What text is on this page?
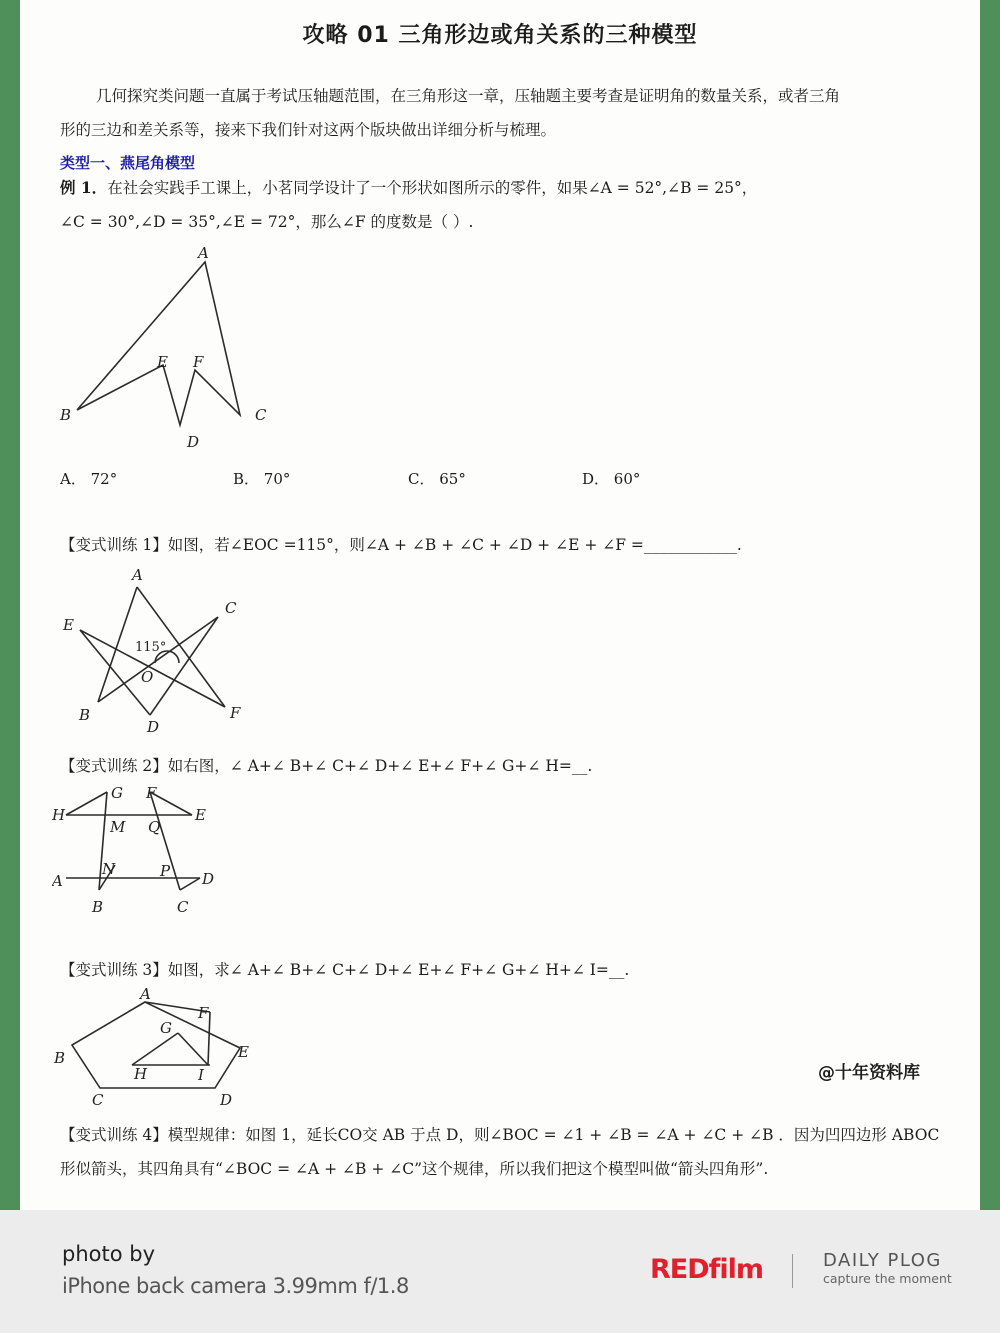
攻略 01 三角形边或角关系的三种模型
几何探究类问题一直属于考试压轴题范围，在三角形这一章，压轴题主要考查是证明角的数量关系，或者三角
形的三边和差关系等，接来下我们针对这两个版块做出详细分析与梳理。
类型一、燕尾角模型
例 1．在社会实践手工课上，小茗同学设计了一个形状如图所示的零件，如果∠A = 52°,∠B = 25°，
∠C = 30°,∠D = 35°,∠E = 72°，那么∠F 的度数是（ ）.
A
B	C
D
E F
A． 72°	B． 70°	C． 65°	D． 60°
【变式训练 1】如图，若∠EOC =115°，则∠A + ∠B + ∠C + ∠D + ∠E + ∠F =____________.
A
B
C
D
E
F
O
115°
【变式训练 2】如右图，∠ A+∠ B+∠ C+∠ D+∠ E+∠ F+∠ G+∠ H=__.
H
G F
E
M Q
N	P
A	D
B	C
【变式训练 3】如图，求∠ A+∠ B+∠ C+∠ D+∠ E+∠ F+∠ G+∠ H+∠ I=__.
A
B
C	D
E
F
G
H	I	@十年资料库
【变式训练 4】模型规律：如图 1，延长CO交 AB 于点 D，则∠BOC = ∠1 + ∠B = ∠A + ∠C + ∠B ．因为凹四边形 ABOC
形似箭头，其四角具有“∠BOC = ∠A + ∠B + ∠C”这个规律，所以我们把这个模型叫做“箭头四角形”.
photo by
iPhone back camera 3.99mm f/1.8
REDfilm	DAILY PLOG
capture the moment
